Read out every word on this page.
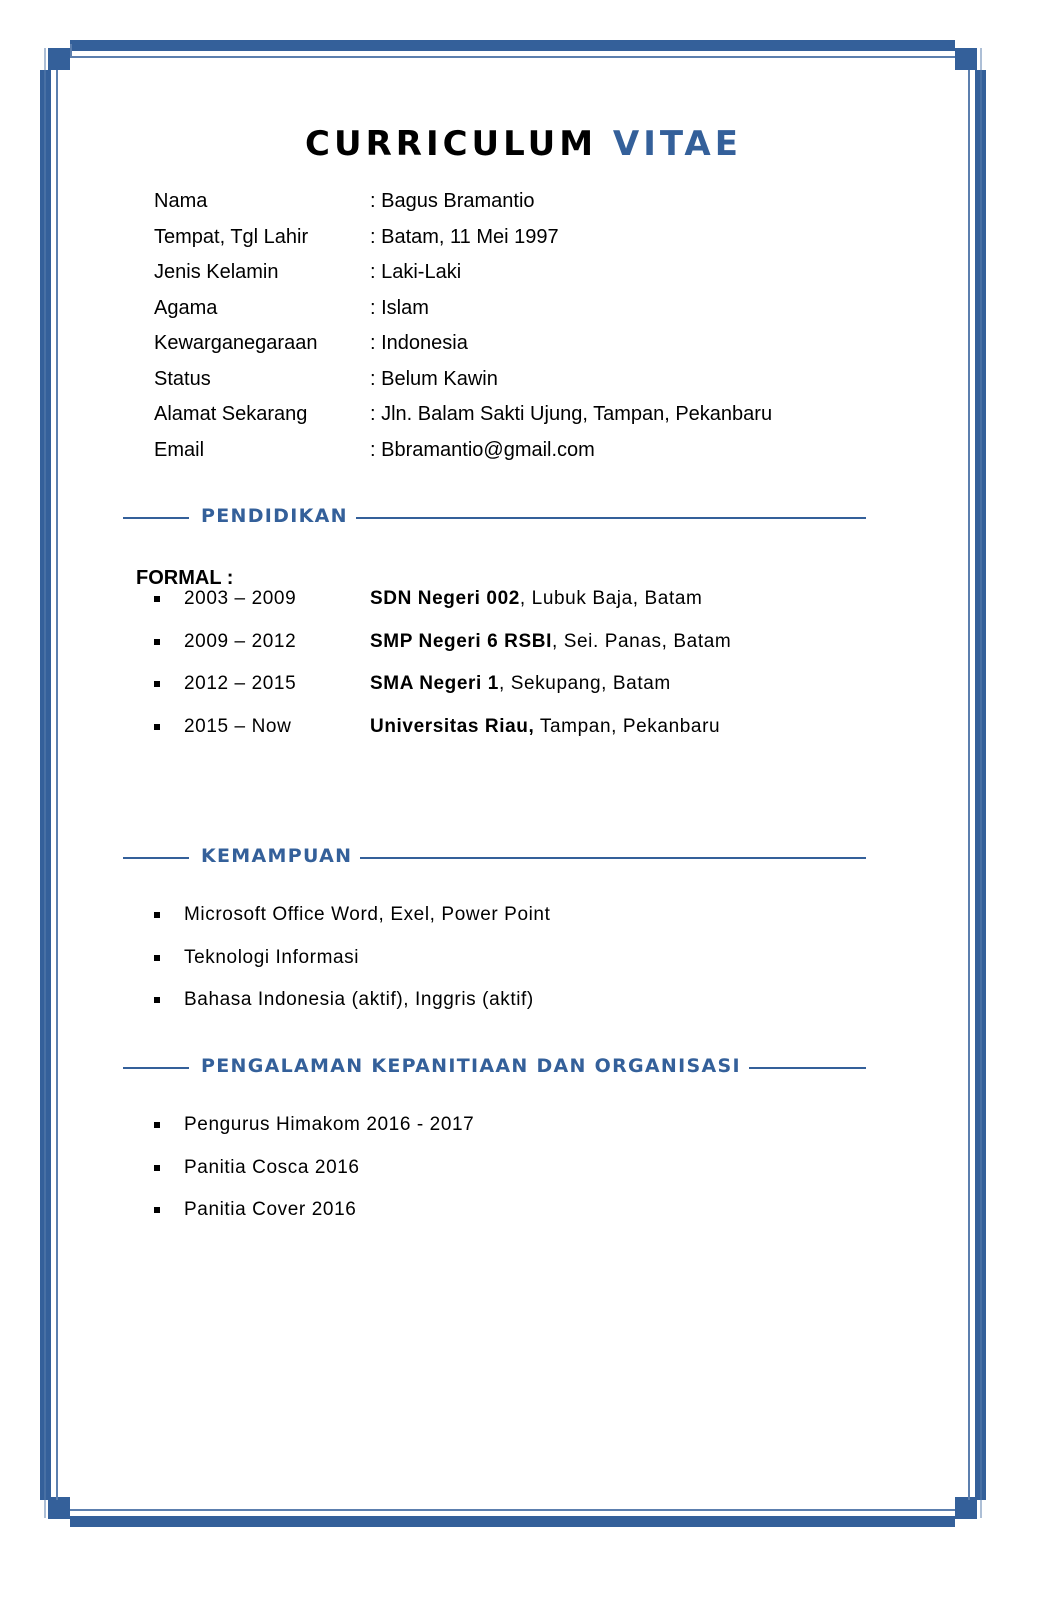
CURRICULUM VITAE
Nama	: Bagus Bramantio
Tempat, Tgl Lahir	: Batam, 11 Mei 1997
Jenis Kelamin	: Laki-Laki
Agama	: Islam
Kewarganegaraan	: Indonesia
Status	: Belum Kawin
Alamat Sekarang	: Jln. Balam Sakti Ujung, Tampan, Pekanbaru
Email	: Bbramantio@gmail.com
PENDIDIKAN
FORMAL :
2003 – 2009	SDN Negeri 002, Lubuk Baja, Batam
2009 – 2012	SMP Negeri 6 RSBI, Sei. Panas, Batam
2012 – 2015	SMA Negeri 1, Sekupang, Batam
2015 – Now	Universitas Riau, Tampan, Pekanbaru
KEMAMPUAN
Microsoft Office Word, Exel, Power Point
Teknologi Informasi
Bahasa Indonesia (aktif), Inggris (aktif)
PENGALAMAN KEPANITIAAN DAN ORGANISASI
Pengurus Himakom 2016 - 2017
Panitia Cosca 2016
Panitia Cover 2016
